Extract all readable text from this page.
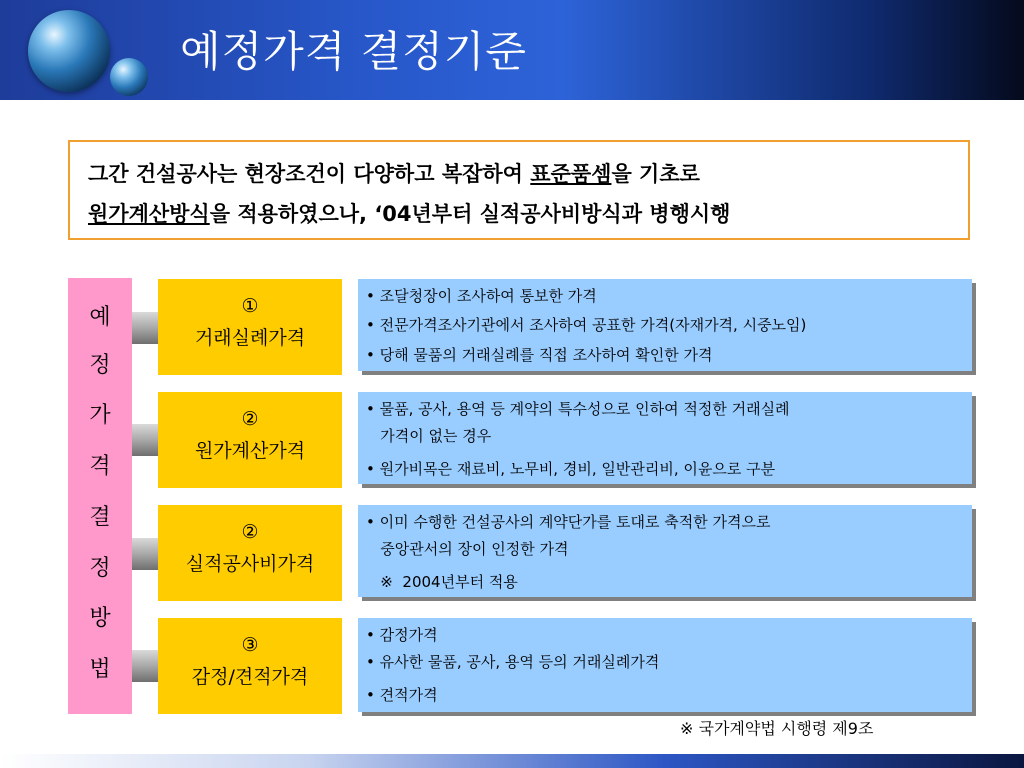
예정가격 결정기준
그간 건설공사는 현장조건이 다양하고 복잡하여 표준품셈을 기초로
원가계산방식을 적용하였으나, ‘04년부터 실적공사비방식과 병행시행
예
정
가
격
결
정
방
법
①
거래실례가격
• 조달청장이 조사하여 통보한 가격
• 전문가격조사기관에서 조사하여 공표한 가격(자재가격, 시중노임)
• 당해 물품의 거래실례를 직접 조사하여 확인한 가격
②
원가계산가격
• 물품, 공사, 용역 등 계약의 특수성으로 인하여 적정한 거래실례
가격이 없는 경우
• 원가비목은 재료비, 노무비, 경비, 일반관리비, 이윤으로 구분
②
실적공사비가격
• 이미 수행한 건설공사의 계약단가를 토대로 축적한 가격으로
중앙관서의 장이 인정한 가격
※  2004년부터 적용
③
감정/견적가격
• 감정가격
• 유사한 물품, 공사, 용역 등의 거래실례가격
• 견적가격
※ 국가계약법 시행령 제9조
